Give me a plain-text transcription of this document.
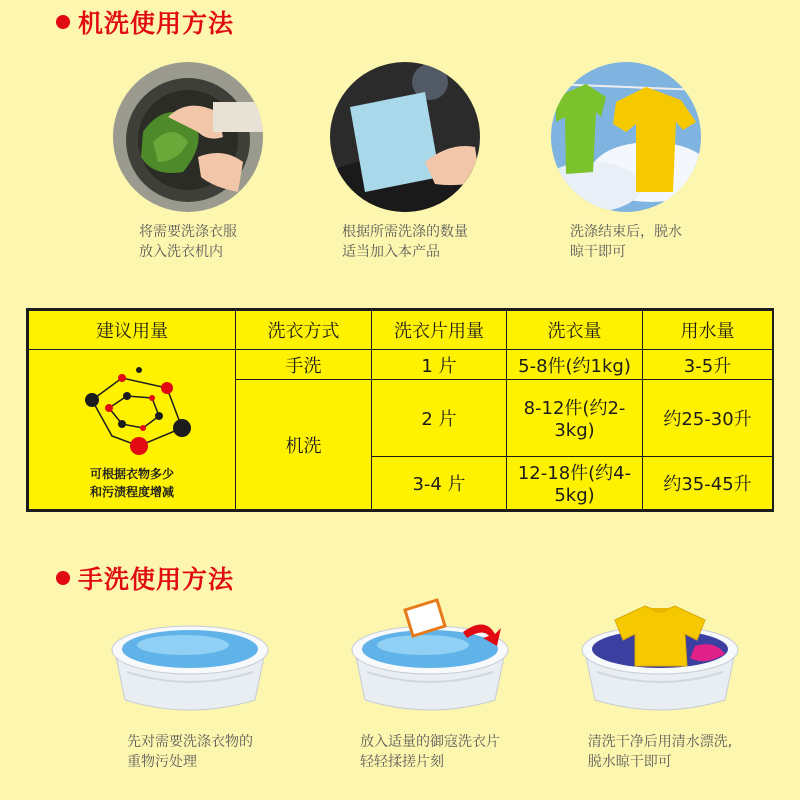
机洗使用方法
将需要洗涤衣服
放入洗衣机内
根据所需洗涤的数量
适当加入本产品
洗涤结束后，脱水
晾干即可
建议用量	洗衣方式	洗衣片用量	洗衣量	用水量

可根据衣物多少
和污渍程度增减	手洗	1 片	5-8件(约1kg)	3-5升
	机洗	2 片	8-12件(约2-3kg)	约25-30升
		3-4 片	12-18件(约4-5kg)	约35-45升
手洗使用方法
先对需要洗涤衣物的
重物污处理
放入适量的御寇洗衣片
轻轻揉搓片刻
清洗干净后用清水漂洗,
脱水晾干即可
